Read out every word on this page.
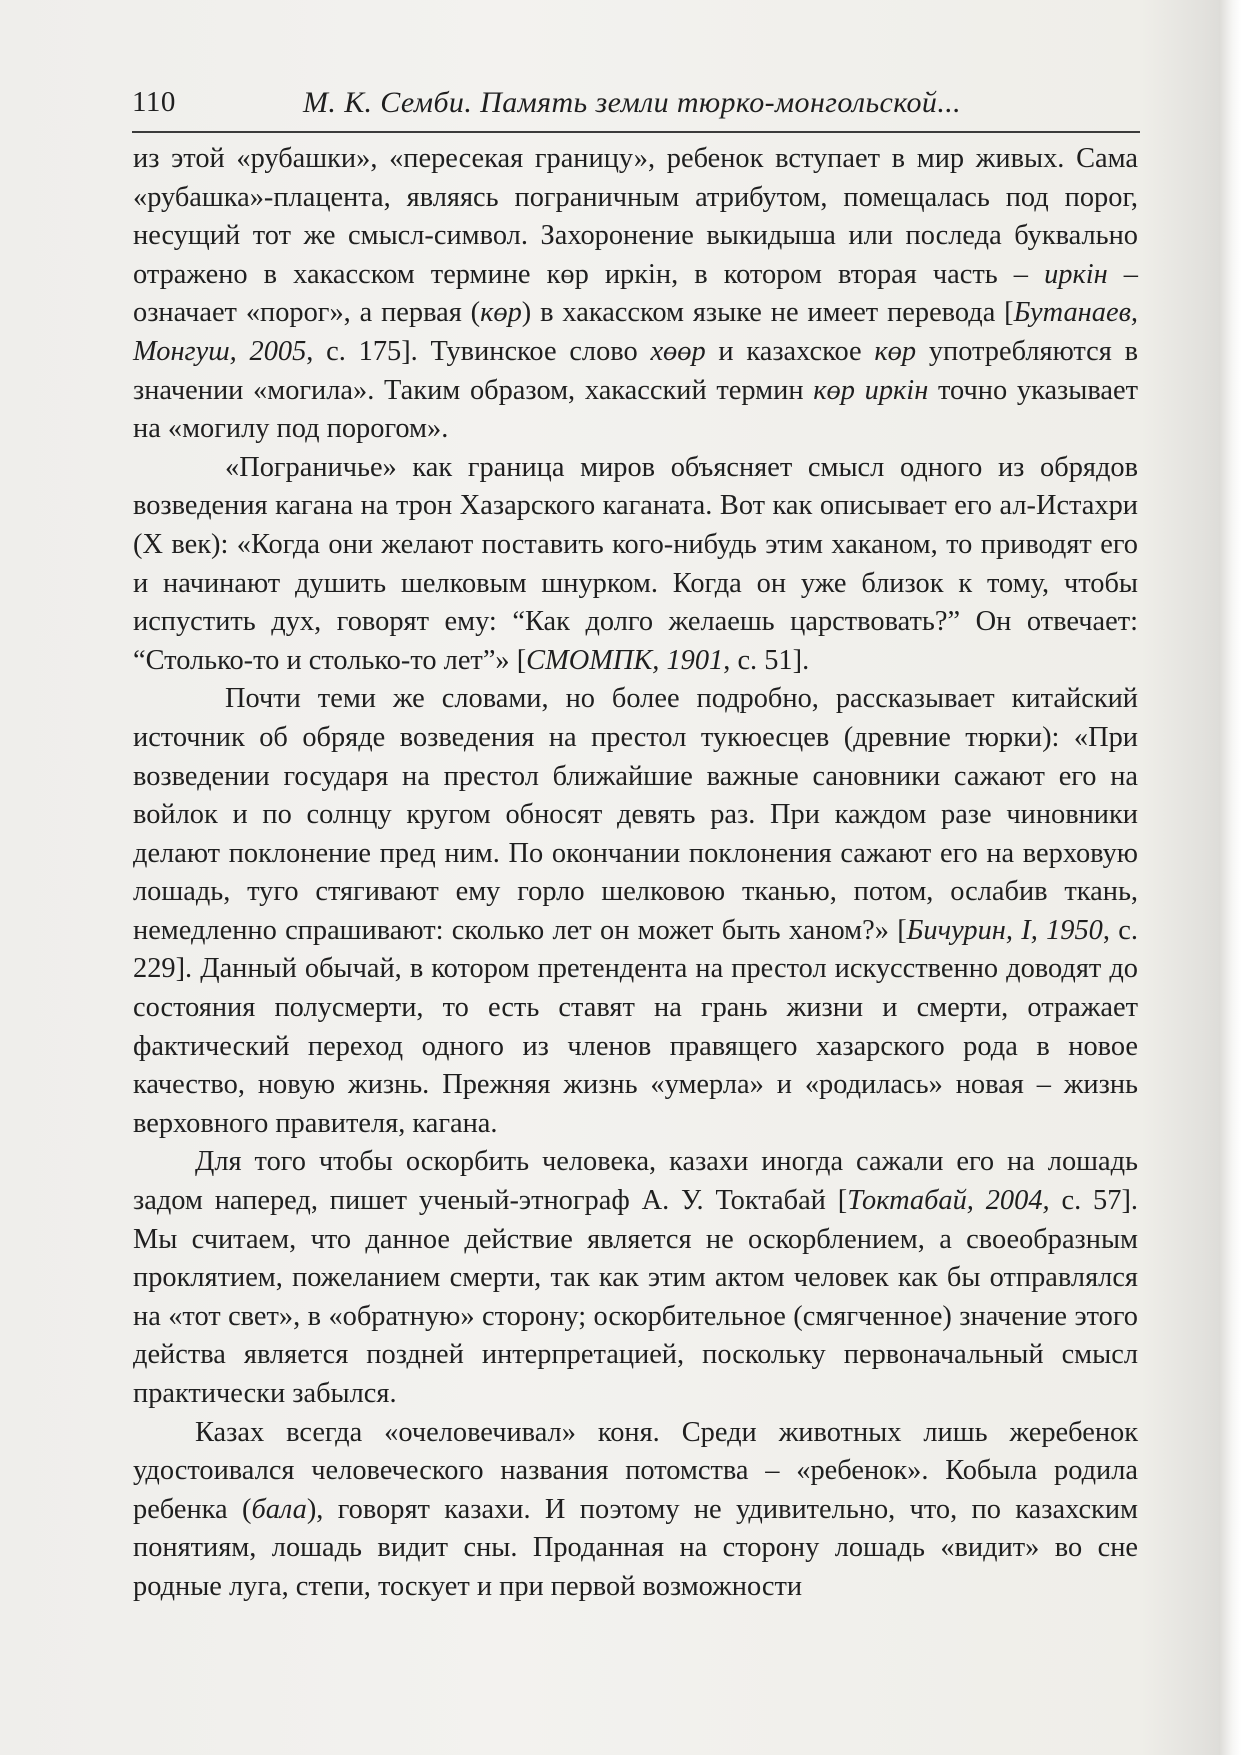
110	М. К. Семби. Память земли тюрко-монгольской...

из этой «рубашки», «пересекая границу», ребенок вступает в мир живых. Сама «рубашка»-плацента, являясь пограничным атрибутом, помещалась под порог, несущий тот же смысл-символ. Захоронение выкидыша или последа буквально отражено в хакасском термине көр иркін, в котором вторая часть – иркін – означает «порог», а первая (көр) в хакасском языке не имеет перевода [Бутанаев, Монгуш, 2005, с. 175]. Тувинское слово хөөр и казахское көр употребляются в значении «могила». Таким образом, хакасский термин көр иркін точно указывает на «могилу под порогом».

«Пограничье» как граница миров объясняет смысл одного из обрядов возведения кагана на трон Хазарского каганата. Вот как описывает его ал-Истахри (X век): «Когда они желают поставить кого-нибудь этим хаканом, то приводят его и начинают душить шелковым шнурком. Когда он уже близок к тому, чтобы испустить дух, говорят ему: “Как долго желаешь царствовать?” Он отвечает: “Столько-то и столько-то лет”» [СМОМПК, 1901, с. 51].

Почти теми же словами, но более подробно, рассказывает китайский источник об обряде возведения на престол тукюесцев (древние тюрки): «При возведении государя на престол ближайшие важные сановники сажают его на войлок и по солнцу кругом обносят девять раз. При каждом разе чиновники делают поклонение пред ним. По окончании поклонения сажают его на верховую лошадь, туго стягивают ему горло шелковою тканью, потом, ослабив ткань, немедленно спрашивают: сколько лет он может быть ханом?» [Бичурин, I, 1950, с. 229]. Данный обычай, в котором претендента на престол искусственно доводят до состояния полусмерти, то есть ставят на грань жизни и смерти, отражает фактический переход одного из членов правящего хазарского рода в новое качество, новую жизнь. Прежняя жизнь «умерла» и «родилась» новая – жизнь верховного правителя, кагана.

Для того чтобы оскорбить человека, казахи иногда сажали его на лошадь задом наперед, пишет ученый-этнограф А. У. Токтабай [Токтабай, 2004, с. 57]. Мы считаем, что данное действие является не оскорблением, а своеобразным проклятием, пожеланием смерти, так как этим актом человек как бы отправлялся на «тот свет», в «обратную» сторону; оскорбительное (смягченное) значение этого действа является поздней интерпретацией, поскольку первоначальный смысл практически забылся.

Казах всегда «очеловечивал» коня. Среди животных лишь жеребенок удостоивался человеческого названия потомства – «ребенок». Кобыла родила ребенка (бала), говорят казахи. И поэтому не удивительно, что, по казахским понятиям, лошадь видит сны. Проданная на сторону лошадь «видит» во сне родные луга, степи, тоскует и при первой возможности
